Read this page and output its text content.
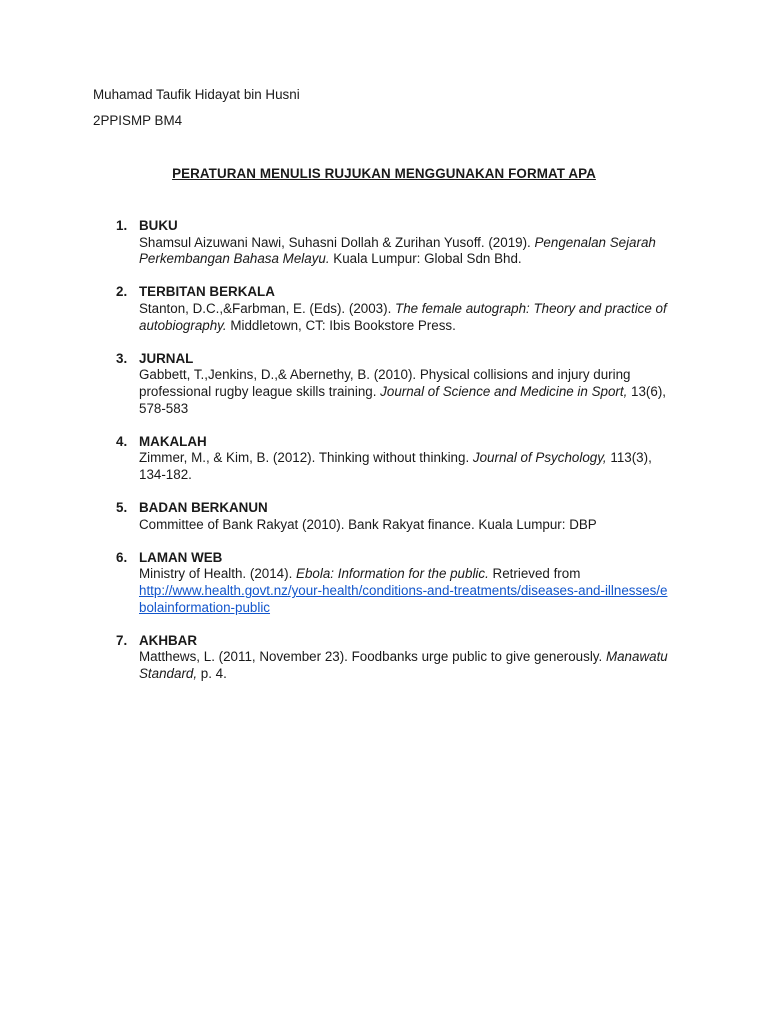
Muhamad Taufik Hidayat bin Husni

2PPISMP BM4

PERATURAN MENULIS RUJUKAN MENGGUNAKAN FORMAT APA
1. BUKU
Shamsul Aizuwani Nawi, Suhasni Dollah & Zurihan Yusoff. (2019). Pengenalan Sejarah Perkembangan Bahasa Melayu. Kuala Lumpur: Global Sdn Bhd.
2. TERBITAN BERKALA
Stanton, D.C.,&Farbman, E. (Eds). (2003). The female autograph: Theory and practice of autobiography. Middletown, CT: Ibis Bookstore Press.
3. JURNAL
Gabbett, T.,Jenkins, D.,& Abernethy, B. (2010). Physical collisions and injury during professional rugby league skills training. Journal of Science and Medicine in Sport, 13(6), 578-583
4. MAKALAH
Zimmer, M., & Kim, B. (2012). Thinking without thinking. Journal of Psychology, 113(3), 134-182.
5. BADAN BERKANUN
Committee of Bank Rakyat (2010). Bank Rakyat finance. Kuala Lumpur: DBP
6. LAMAN WEB
Ministry of Health. (2014). Ebola: Information for the public. Retrieved from
http://www.health.govt.nz/your-health/conditions-and-treatments/diseases-and-illnesses/ebolainformation-public
7. AKHBAR
Matthews, L. (2011, November 23). Foodbanks urge public to give generously. Manawatu Standard, p. 4.
